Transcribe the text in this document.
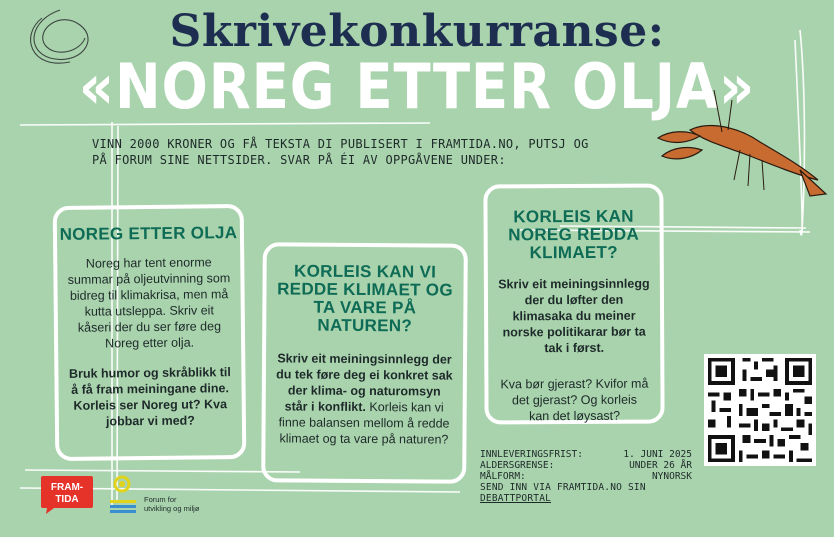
Skrivekonkurranse:
«NOREG ETTER OLJA»
VINN 2000 KRONER OG FÅ TEKSTA DI PUBLISERT I FRAMTIDA.NO, PUTSJ OG
PÅ FORUM SINE NETTSIDER. SVAR PÅ ÉI AV OPPGÅVENE UNDER:
NOREG ETTER OLJA

Noreg har tent enorme summar på oljeutvinning som bidreg til klimakrisa, men må kutta utsleppa. Skriv eit kåseri der du ser føre deg Noreg etter olja.

Bruk humor og skråblikk til å få fram meiningane dine. Korleis ser Noreg ut? Kva jobbar vi med?

KORLEIS KAN VI REDDE KLIMAET OG TA VARE PÅ NATUREN?

Skriv eit meiningsinnlegg der du tek føre deg ei konkret sak der klima- og naturomsyn står i konflikt. Korleis kan vi finne balansen mellom å redde klimaet og ta vare på naturen?

KORLEIS KAN NOREG REDDA KLIMAET?

Skriv eit meiningsinnlegg der du løfter den klimasaka du meiner norske politikarar bør ta tak i først.

Kva bør gjerast? Kvifor må det gjerast? Og korleis kan det løysast?

INNLEVERINGSFRIST:	1. JUNI 2025
ALDERSGRENSE:	UNDER 26 ÅR
MÅLFORM:	NYNORSK
SEND INN VIA FRAMTIDA.NO SIN DEBATTPORTAL
FRAM-
TIDA	Forum for
utvikling og miljø
